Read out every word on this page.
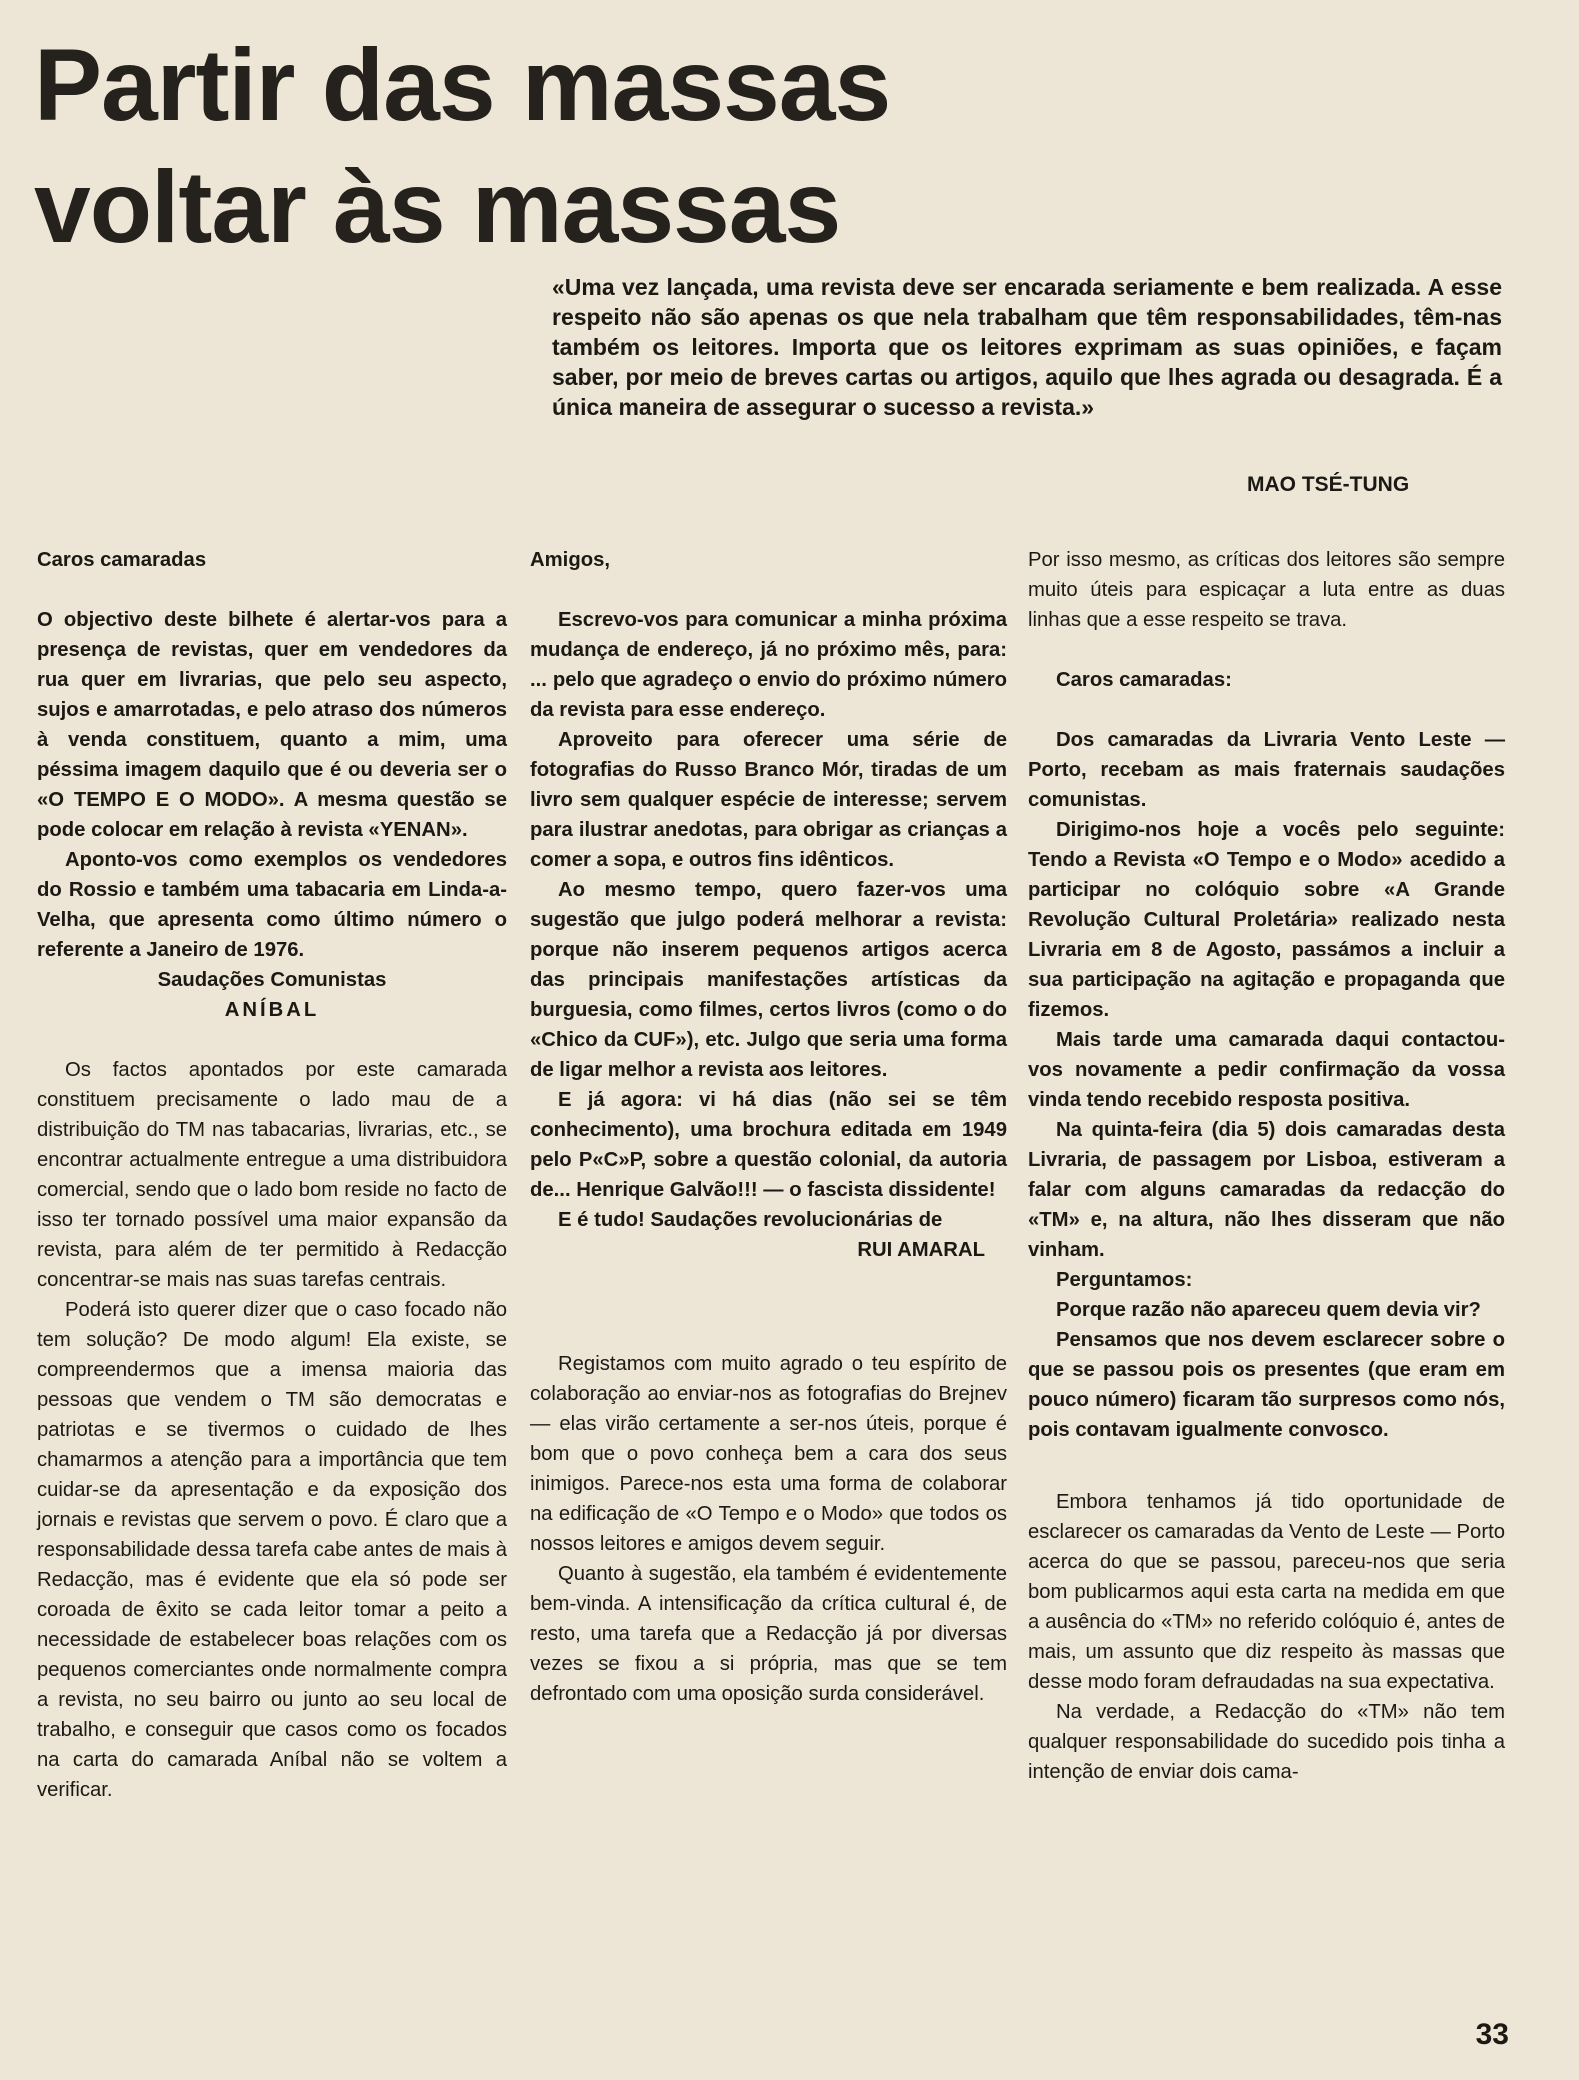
Partir das massas
voltar às massas
«Uma vez lançada, uma revista deve ser encarada seriamente e bem realizada. A esse respeito não são apenas os que nela trabalham que têm responsabilidades, têm-nas também os leitores. Importa que os leitores exprimam as suas opiniões, e façam saber, por meio de breves cartas ou artigos, aquilo que lhes agrada ou desagrada. É a única maneira de assegurar o sucesso a revista.»
MAO TSÉ-TUNG

Caros camaradas

O objectivo deste bilhete é alertar-vos para a presença de revistas, quer em vendedores da rua quer em livrarias, que pelo seu aspecto, sujos e amarrotadas, e pelo atraso dos números à venda constituem, quanto a mim, uma péssima imagem daquilo que é ou deveria ser o «O TEMPO E O MODO». A mesma questão se pode colocar em relação à revista «YENAN».

Aponto-vos como exemplos os vendedores do Rossio e também uma tabacaria em Linda-a-Velha, que apresenta como último número o referente a Janeiro de 1976.

Saudações Comunistas

ANÍBAL

Os factos apontados por este camarada constituem precisamente o lado mau de a distribuição do TM nas tabacarias, livrarias, etc., se encontrar actualmente entregue a uma distribuidora comercial, sendo que o lado bom reside no facto de isso ter tornado possível uma maior expansão da revista, para além de ter permitido à Redacção concentrar-se mais nas suas tarefas centrais.

Poderá isto querer dizer que o caso focado não tem solução? De modo algum! Ela existe, se compreendermos que a imensa maioria das pessoas que vendem o TM são democratas e patriotas e se tivermos o cuidado de lhes chamarmos a atenção para a importância que tem cuidar-se da apresentação e da exposição dos jornais e revistas que servem o povo. É claro que a responsabilidade dessa tarefa cabe antes de mais à Redacção, mas é evidente que ela só pode ser coroada de êxito se cada leitor tomar a peito a necessidade de estabelecer boas relações com os pequenos comerciantes onde normalmente compra a revista, no seu bairro ou junto ao seu local de trabalho, e conseguir que casos como os focados na carta do camarada Aníbal não se voltem a verificar.

Amigos,

Escrevo-vos para comunicar a minha próxima mudança de endereço, já no próximo mês, para: ... pelo que agradeço o envio do próximo número da revista para esse endereço.

Aproveito para oferecer uma série de fotografias do Russo Branco Mór, tiradas de um livro sem qualquer espécie de interesse; servem para ilustrar anedotas, para obrigar as crianças a comer a sopa, e outros fins idênticos.

Ao mesmo tempo, quero fazer-vos uma sugestão que julgo poderá melhorar a revista: porque não inserem pequenos artigos acerca das principais manifestações artísticas da burguesia, como filmes, certos livros (como o do «Chico da CUF»), etc. Julgo que seria uma forma de ligar melhor a revista aos leitores.

E já agora: vi há dias (não sei se têm conhecimento), uma brochura editada em 1949 pelo P«C»P, sobre a questão colonial, da autoria de... Henrique Galvão!!! — o fascista dissidente!

E é tudo! Saudações revolucionárias de

RUI AMARAL

Registamos com muito agrado o teu espírito de colaboração ao enviar-nos as fotografias do Brejnev — elas virão certamente a ser-nos úteis, porque é bom que o povo conheça bem a cara dos seus inimigos. Parece-nos esta uma forma de colaborar na edificação de «O Tempo e o Modo» que todos os nossos leitores e amigos devem seguir.

Quanto à sugestão, ela também é evidentemente bem-vinda. A intensificação da crítica cultural é, de resto, uma tarefa que a Redacção já por diversas vezes se fixou a si própria, mas que se tem defrontado com uma oposição surda considerável.

Por isso mesmo, as críticas dos leitores são sempre muito úteis para espicaçar a luta entre as duas linhas que a esse respeito se trava.

Caros camaradas:

Dos camaradas da Livraria Vento Leste — Porto, recebam as mais fraternais saudações comunistas.

Dirigimo-nos hoje a vocês pelo seguinte: Tendo a Revista «O Tempo e o Modo» acedido a participar no colóquio sobre «A Grande Revolução Cultural Proletária» realizado nesta Livraria em 8 de Agosto, passámos a incluir a sua participação na agitação e propaganda que fizemos.

Mais tarde uma camarada daqui contactou-vos novamente a pedir confirmação da vossa vinda tendo recebido resposta positiva.

Na quinta-feira (dia 5) dois camaradas desta Livraria, de passagem por Lisboa, estiveram a falar com alguns camaradas da redacção do «TM» e, na altura, não lhes disseram que não vinham.

Perguntamos:

Porque razão não apareceu quem devia vir?

Pensamos que nos devem esclarecer sobre o que se passou pois os presentes (que eram em pouco número) ficaram tão surpresos como nós, pois contavam igualmente convosco.

Embora tenhamos já tido oportunidade de esclarecer os camaradas da Vento de Leste — Porto acerca do que se passou, pareceu-nos que seria bom publicarmos aqui esta carta na medida em que a ausência do «TM» no referido colóquio é, antes de mais, um assunto que diz respeito às massas que desse modo foram defraudadas na sua expectativa.

Na verdade, a Redacção do «TM» não tem qualquer responsabilidade do sucedido pois tinha a intenção de enviar dois cama-

33
